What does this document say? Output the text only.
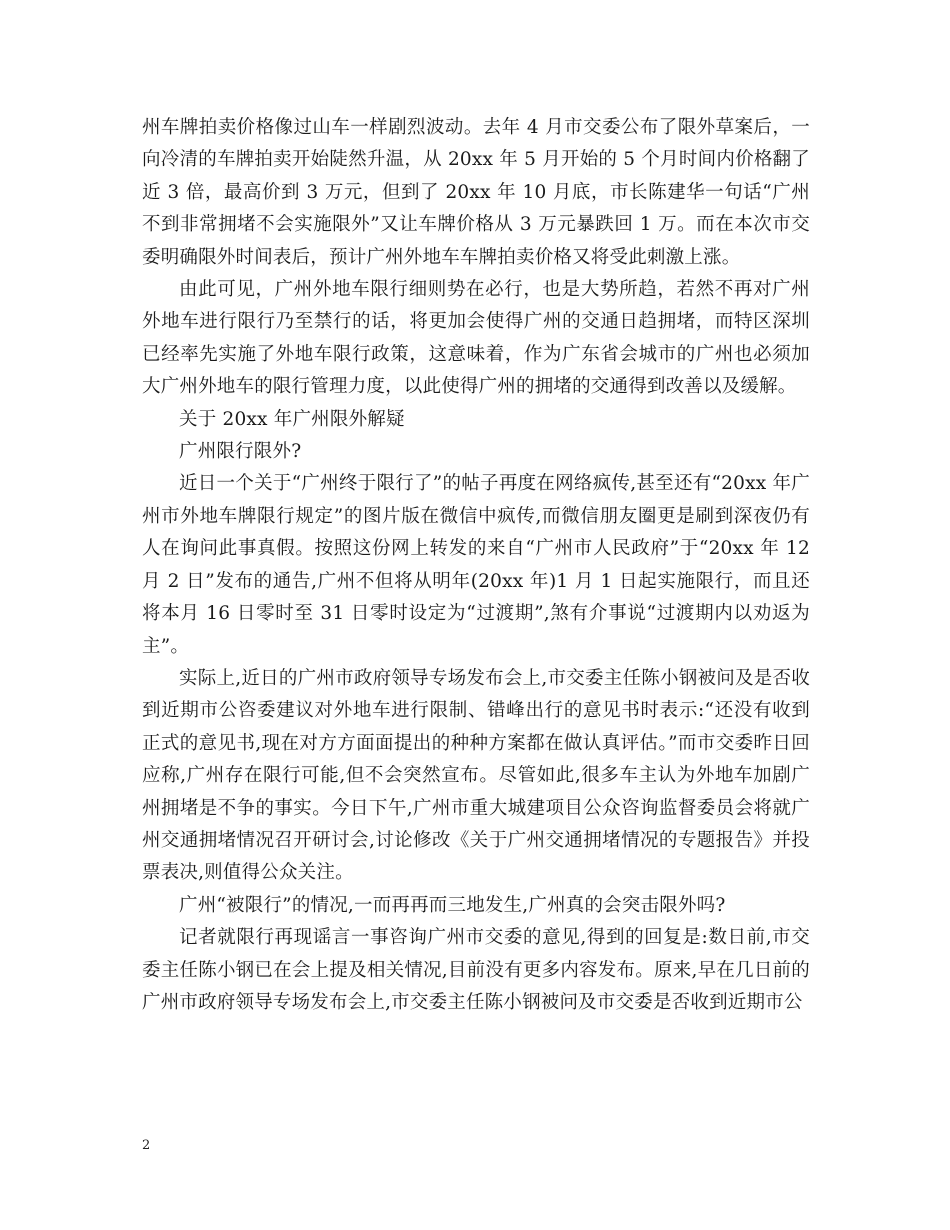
州车牌拍卖价格像过山车一样剧烈波动。去年 4 月市交委公布了限外草案后，一向冷清的车牌拍卖开始陡然升温，从 20xx 年 5 月开始的 5 个月时间内价格翻了近 3 倍，最高价到 3 万元，但到了 20xx 年 10 月底，市长陈建华一句话“广州不到非常拥堵不会实施限外”又让车牌价格从 3 万元暴跌回 1 万。而在本次市交委明确限外时间表后，预计广州外地车车牌拍卖价格又将受此刺激上涨。

由此可见，广州外地车限行细则势在必行，也是大势所趋，若然不再对广州外地车进行限行乃至禁行的话，将更加会使得广州的交通日趋拥堵，而特区深圳已经率先实施了外地车限行政策，这意味着，作为广东省会城市的广州也必须加大广州外地车的限行管理力度，以此使得广州的拥堵的交通得到改善以及缓解。

关于 20xx 年广州限外解疑

广州限行限外?

近日一个关于“广州终于限行了”的帖子再度在网络疯传,甚至还有“20xx 年广州市外地车牌限行规定”的图片版在微信中疯传,而微信朋友圈更是刷到深夜仍有人在询问此事真假。按照这份网上转发的来自“广州市人民政府”于“20xx 年 12 月 2 日”发布的通告,广州不但将从明年(20xx 年)1 月 1 日起实施限行，而且还将本月 16 日零时至 31 日零时设定为“过渡期”,煞有介事说“过渡期内以劝返为主”。

实际上,近日的广州市政府领导专场发布会上,市交委主任陈小钢被问及是否收到近期市公咨委建议对外地车进行限制、错峰出行的意见书时表示:“还没有收到正式的意见书,现在对方方面面提出的种种方案都在做认真评估。”而市交委昨日回应称,广州存在限行可能,但不会突然宣布。尽管如此,很多车主认为外地车加剧广州拥堵是不争的事实。今日下午,广州市重大城建项目公众咨询监督委员会将就广州交通拥堵情况召开研讨会,讨论修改《关于广州交通拥堵情况的专题报告》并投票表决,则值得公众关注。

广州“被限行”的情况,一而再再而三地发生,广州真的会突击限外吗?

记者就限行再现谣言一事咨询广州市交委的意见,得到的回复是:数日前,市交委主任陈小钢已在会上提及相关情况,目前没有更多内容发布。原来,早在几日前的广州市政府领导专场发布会上,市交委主任陈小钢被问及市交委是否收到近期市公

2
